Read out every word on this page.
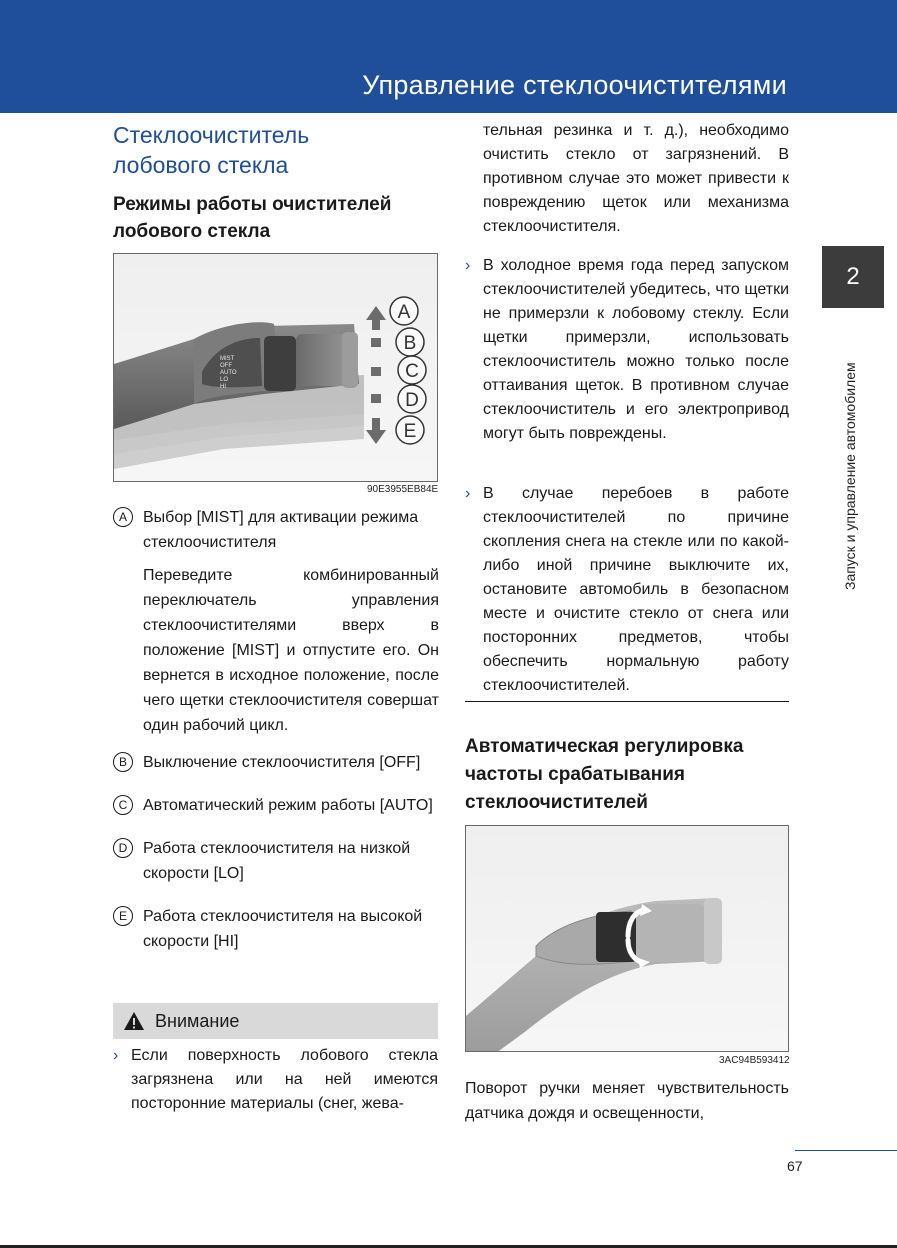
Управление стеклоочистителями
2
Запуск и управление автомобилем
Стеклоочиститель
лобового стекла
Режимы работы очистителей
лобового стекла
MIST
OFF
AUTO
LO
HI
A
B
C
D
E
90E3955EB84E
A	Выбор [MIST] для активации режима стеклоочистителя
Переведите комбинированный переключатель управления стеклоочистителями вверх в положение [MIST] и отпустите его. Он вернется в исходное положение, после чего щетки стеклоочистителя совершат один рабочий цикл.
B	Выключение стеклоочистителя [OFF]
C Автоматический режим работы [AUTO]
D Работа стеклоочистителя на низкой скорости [LO]
E	Работа стеклоочистителя на высокой скорости [HI]
Внимание
› Если поверхность лобового стекла загрязнена или на ней имеются посторонние материалы (снег, жева-
тельная резинка и т. д.), необходимо очистить стекло от загрязнений. В противном случае это может привести к повреждению щеток или механизма стеклоочистителя.
› В холодное время года перед запуском стеклоочистителей убедитесь, что щетки не примерзли к лобовому стеклу. Если щетки примерзли, использовать стеклоочиститель можно только после оттаивания щеток. В противном случае стеклоочиститель и его электропривод могут быть повреждены.
› В случае перебоев в работе стеклоочистителей по причине скопления снега на стекле или по какой-либо иной причине выключите их, остановите автомобиль в безопасном месте и очистите стекло от снега или посторонних предметов, чтобы обеспечить нормальную работу стеклоочистителей.
Автоматическая регулировка частоты срабатывания стеклоочистителей
3AC94B593412
Поворот ручки меняет чувствительность датчика дождя и освещенности,
67
